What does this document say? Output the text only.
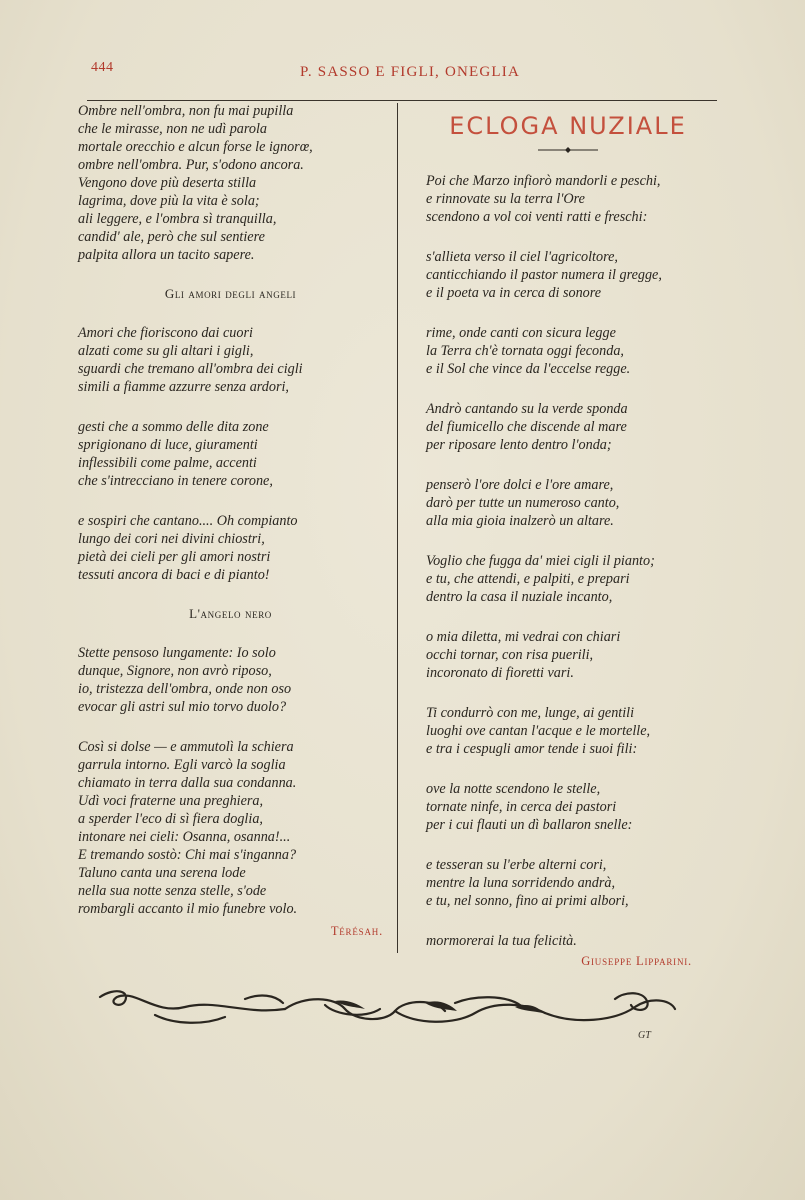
444	P. SASSO E FIGLI, ONEGLIA
Ombre nell'ombra, non fu mai pupilla
che le mirasse, non ne udì parola
mortale orecchio e alcun forse le ignorœ,
ombre nell'ombra. Pur, s'odono ancora.
Vengono dove più deserta stilla
lagrima, dove più la vita è sola;
ali leggere, e l'ombra sì tranquilla,
candid' ale, però che sul sentiere
palpita allora un tacito sapere.
Gli amori degli angeli
Amori che fioriscono dai cuori
alzati come su gli altari i gigli,
sguardi che tremano all'ombra dei cigli
simili a fiamme azzurre senza ardori,
gesti che a sommo delle dita zone
sprigionano di luce, giuramenti
inflessibili come palme, accenti
che s'intrecciano in tenere corone,
e sospiri che cantano.... Oh compianto
lungo dei cori nei divini chiostri,
pietà dei cieli per gli amori nostri
tessuti ancora di baci e di pianto!
L'angelo nero
Stette pensoso lungamente: Io solo
dunque, Signore, non avrò riposo,
io, tristezza dell'ombra, onde non oso
evocar gli astri sul mio torvo duolo?
Così si dolse — e ammutolì la schiera
garrula intorno. Egli varcò la soglia
chiamato in terra dalla sua condanna.
Udì voci fraterne una preghiera,
a sperder l'eco di sì fiera doglia,
intonare nei cieli: Osanna, osanna!...
E tremando sostò: Chi mai s'inganna?
Taluno canta una serena lode
nella sua notte senza stelle, s'ode
rombargli accanto il mio funebre volo.
Térésah.
ECLOGA NUZIALE
Poi che Marzo infiorò mandorli e peschi,
e rinnovate su la terra l'Ore
scendono a vol coi venti ratti e freschi:
s'allieta verso il ciel l'agricoltore,
canticchiando il pastor numera il gregge,
e il poeta va in cerca di sonore
rime, onde canti con sicura legge
la Terra ch'è tornata oggi feconda,
e il Sol che vince da l'eccelse regge.
Andrò cantando su la verde sponda
del fiumicello che discende al mare
per riposare lento dentro l'onda;
penserò l'ore dolci e l'ore amare,
darò per tutte un numeroso canto,
alla mia gioia inalzerò un altare.
Voglio che fugga da' miei cigli il pianto;
e tu, che attendi, e palpiti, e prepari
dentro la casa il nuziale incanto,
o mia diletta, mi vedrai con chiari
occhi tornar, con risa puerili,
incoronato di fioretti vari.
Ti condurrò con me, lunge, ai gentili
luoghi ove cantan l'acque e le mortelle,
e tra i cespugli amor tende i suoi fili:
ove la notte scendono le stelle,
tornate ninfe, in cerca dei pastori
per i cui flauti un dì ballaron snelle:
e tesseran su l'erbe alterni cori,
mentre la luna sorridendo andrà,
e tu, nel sonno, fino ai primi albori,
mormorerai la tua felicità.
Giuseppe Lipparini.
GT
